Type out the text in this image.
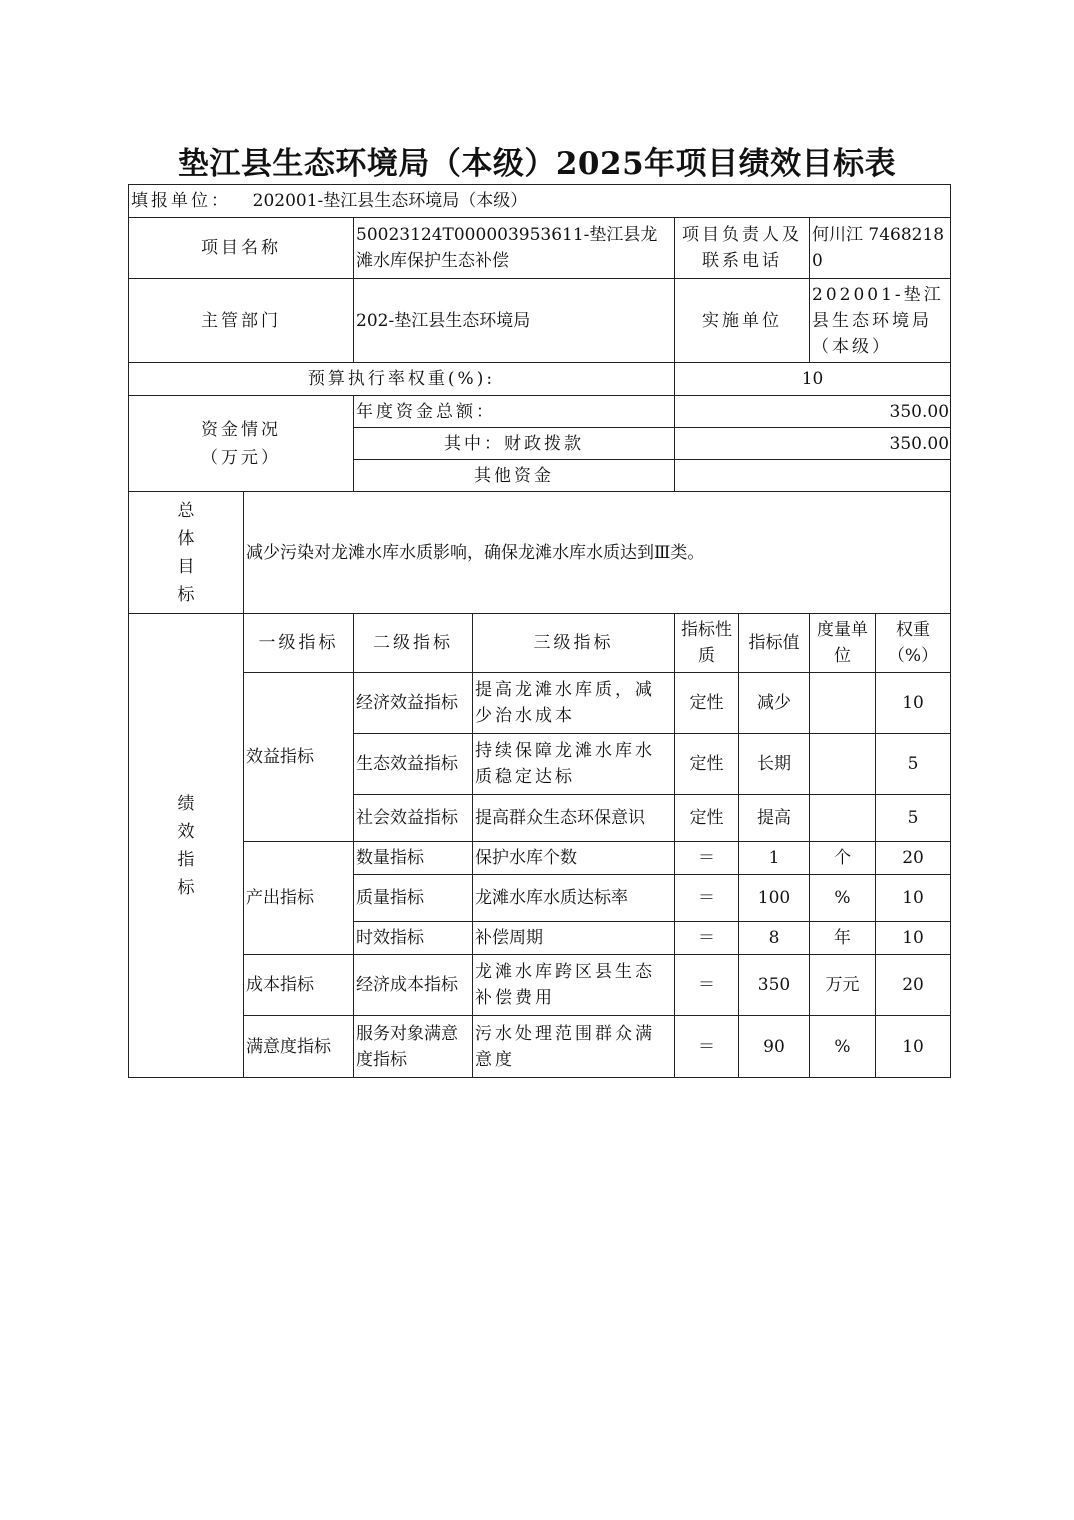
垫江县生态环境局（本级）2025年项目绩效目标表
填报单位： 202001-垫江县生态环境局（本级）							
项目名称		50023124T000003953611-垫江县龙滩水库保护生态补偿		项目负责人及联系电话		何川江 74682180	
主管部门		202-垫江县生态环境局		实施单位		202001-垫江县生态环境局（本级）	
预算执行率权重(%):				10			

资金情况（万元）		年度资金总额：		350.00			
		其中：财政拨款		350.00			
		其他资金					

总体目标	减少污染对龙滩水库水质影响，确保龙滩水库水质达到Ⅲ类。						

绩效指标	一级指标	二级指标	三级指标	指标性质	指标值	度量单位	权重（%）
	效益指标	经济效益指标	提高龙滩水库质，减少治水成本	定性	减少		10
		生态效益指标	持续保障龙滩水库水质稳定达标	定性	长期		5
		社会效益指标	提高群众生态环保意识	定性	提高		5
	产出指标	数量指标	保护水库个数	＝	1	个	20
		质量指标	龙滩水库水质达标率	＝	100	%	10
		时效指标	补偿周期	＝	8	年	10
	成本指标	经济成本指标	龙滩水库跨区县生态补偿费用	＝	350	万元	20
	满意度指标	服务对象满意度指标	污水处理范围群众满意度	＝	90	%	10
